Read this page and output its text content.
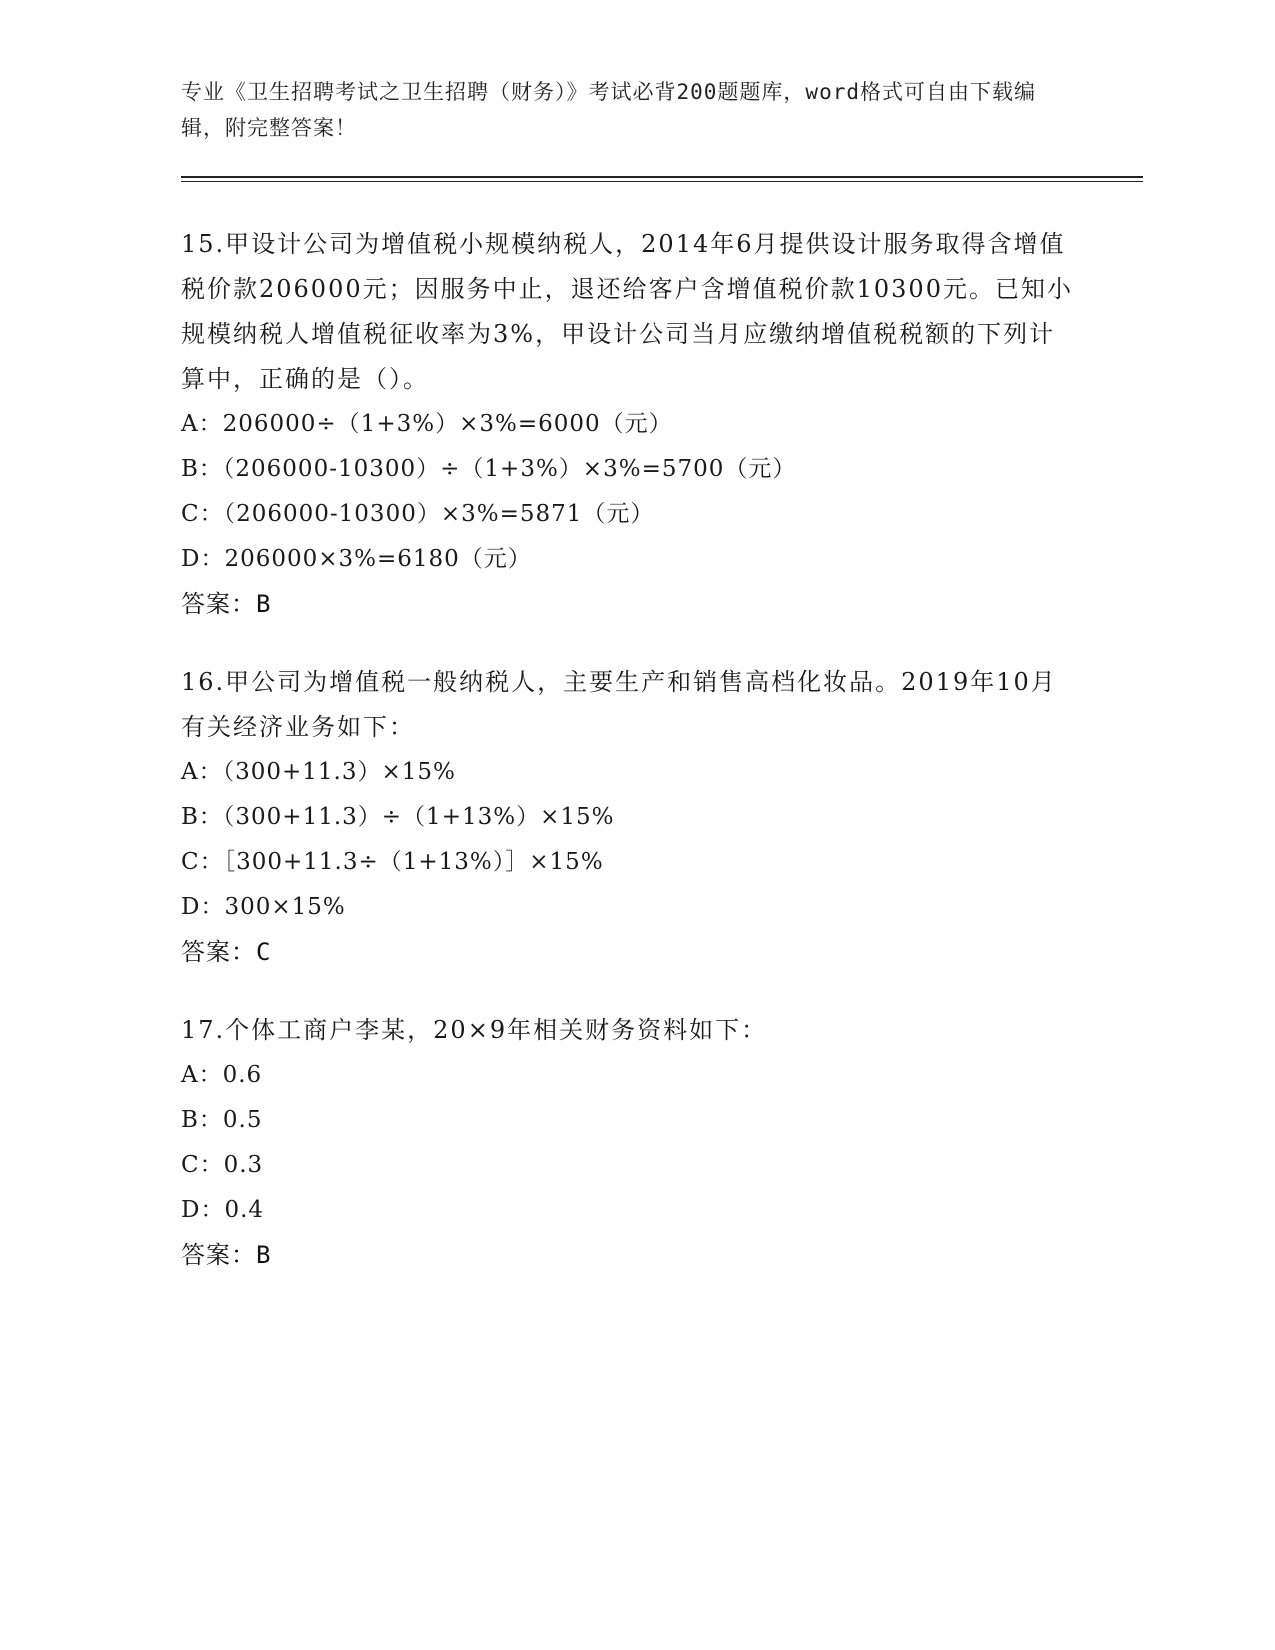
专业《卫生招聘考试之卫生招聘（财务）》考试必背200题题库，word格式可自由下载编辑，附完整答案！

15.甲设计公司为增值税小规模纳税人，2014年6月提供设计服务取得含增值税价款206000元；因服务中止，退还给客户含增值税价款10300元。已知小规模纳税人增值税征收率为3%，甲设计公司当月应缴纳增值税税额的下列计算中，正确的是（）。

A：206000÷（1+3%）×3%=6000（元）

B：（206000-10300）÷（1+3%）×3%=5700（元）

C：（206000-10300）×3%=5871（元）

D：206000×3%=6180（元）

答案：B

16.甲公司为增值税一般纳税人，主要生产和销售高档化妆品。2019年10月有关经济业务如下：

A：（300+11.3）×15%

B：（300+11.3）÷（1+13%）×15%

C：［300+11.3÷（1+13%）］×15%

D：300×15%

答案：C

17.个体工商户李某，20×9年相关财务资料如下：

A：0.6

B：0.5

C：0.3

D：0.4

答案：B
